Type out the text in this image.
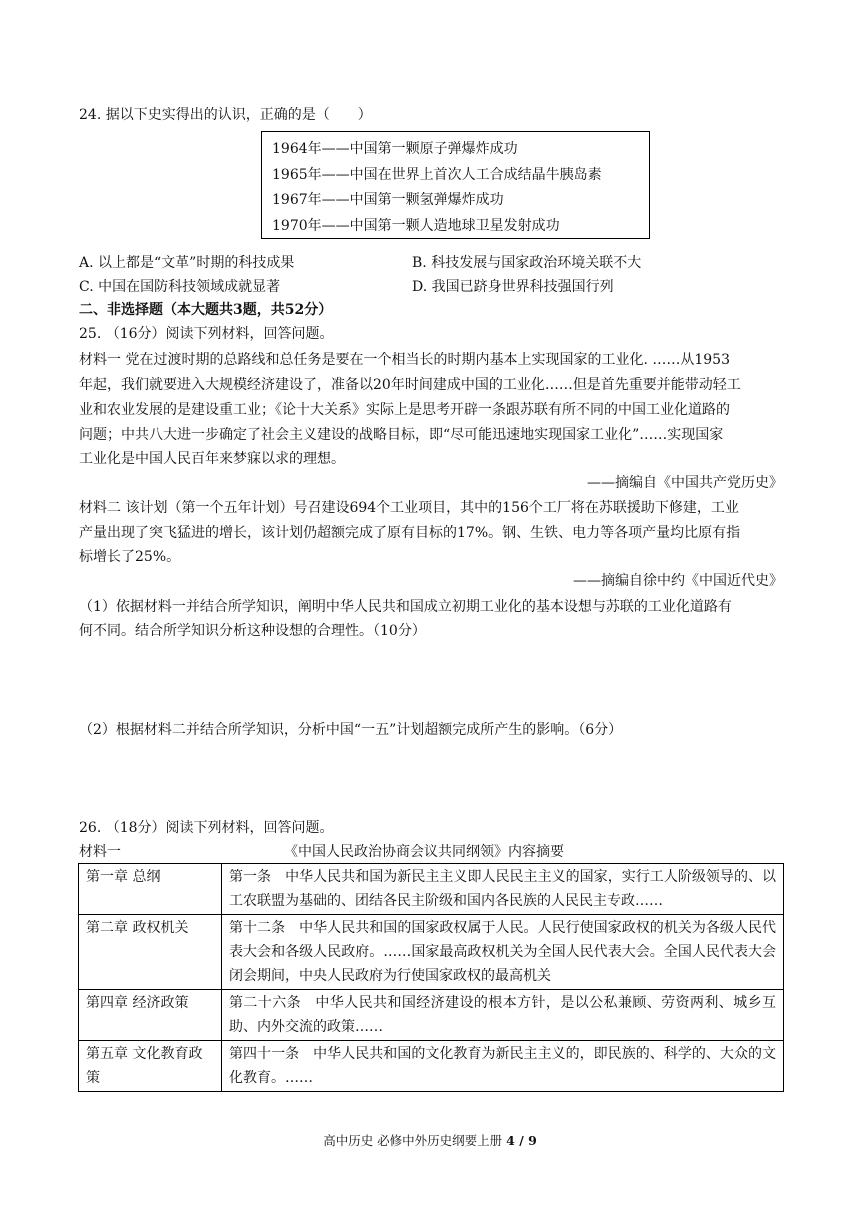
24. 据以下史实得出的认识，正确的是（　　）
1964年——中国第一颗原子弹爆炸成功
1965年——中国在世界上首次人工合成结晶牛胰岛素
1967年——中国第一颗氢弹爆炸成功
1970年——中国第一颗人造地球卫星发射成功
A. 以上都是“文革”时期的科技成果	B. 科技发展与国家政治环境关联不大
C. 中国在国防科技领域成就显著	D. 我国已跻身世界科技强国行列
二、非选择题（本大题共3题，共52分）
25. （16分）阅读下列材料，回答问题。
材料一 党在过渡时期的总路线和总任务是要在一个相当长的时期内基本上实现国家的工业化. ……从1953
年起，我们就要进入大规模经济建设了，准备以20年时间建成中国的工业化……但是首先重要并能带动轻工
业和农业发展的是建设重工业；《论十大关系》实际上是思考开辟一条跟苏联有所不同的中国工业化道路的
问题；中共八大进一步确定了社会主义建设的战略目标，即“尽可能迅速地实现国家工业化”……实现国家
工业化是中国人民百年来梦寐以求的理想。
——摘编自《中国共产党历史》
材料二 该计划（第一个五年计划）号召建设694个工业项目，其中的156个工厂将在苏联援助下修建，工业
产量出现了突飞猛进的增长，该计划仍超额完成了原有目标的17%。钢、生铁、电力等各项产量均比原有指
标增长了25%。
——摘编自徐中约《中国近代史》
（1）依据材料一并结合所学知识，阐明中华人民共和国成立初期工业化的基本设想与苏联的工业化道路有
何不同。结合所学知识分析这种设想的合理性。（10分）
（2）根据材料二并结合所学知识，分析中国“一五”计划超额完成所产生的影响。（6分）
26. （18分）阅读下列材料，回答问题。
材料一	《中国人民政治协商会议共同纲领》内容摘要
第一章 总纲	第一条　中华人民共和国为新民主主义即人民民主主义的国家，实行工人阶级领导的、以工农联盟为基础的、团结各民主阶级和国内各民族的人民民主专政……
第二章 政权机关	第十二条　中华人民共和国的国家政权属于人民。人民行使国家政权的机关为各级人民代表大会和各级人民政府。……国家最高政权机关为全国人民代表大会。全国人民代表大会闭会期间，中央人民政府为行使国家政权的最高机关
第四章 经济政策	第二十六条　中华人民共和国经济建设的根本方针，是以公私兼顾、劳资两利、城乡互助、内外交流的政策……
第五章 文化教育政策	第四十一条　中华人民共和国的文化教育为新民主主义的，即民族的、科学的、大众的文化教育。……
高中历史 必修中外历史纲要上册 4 / 9
